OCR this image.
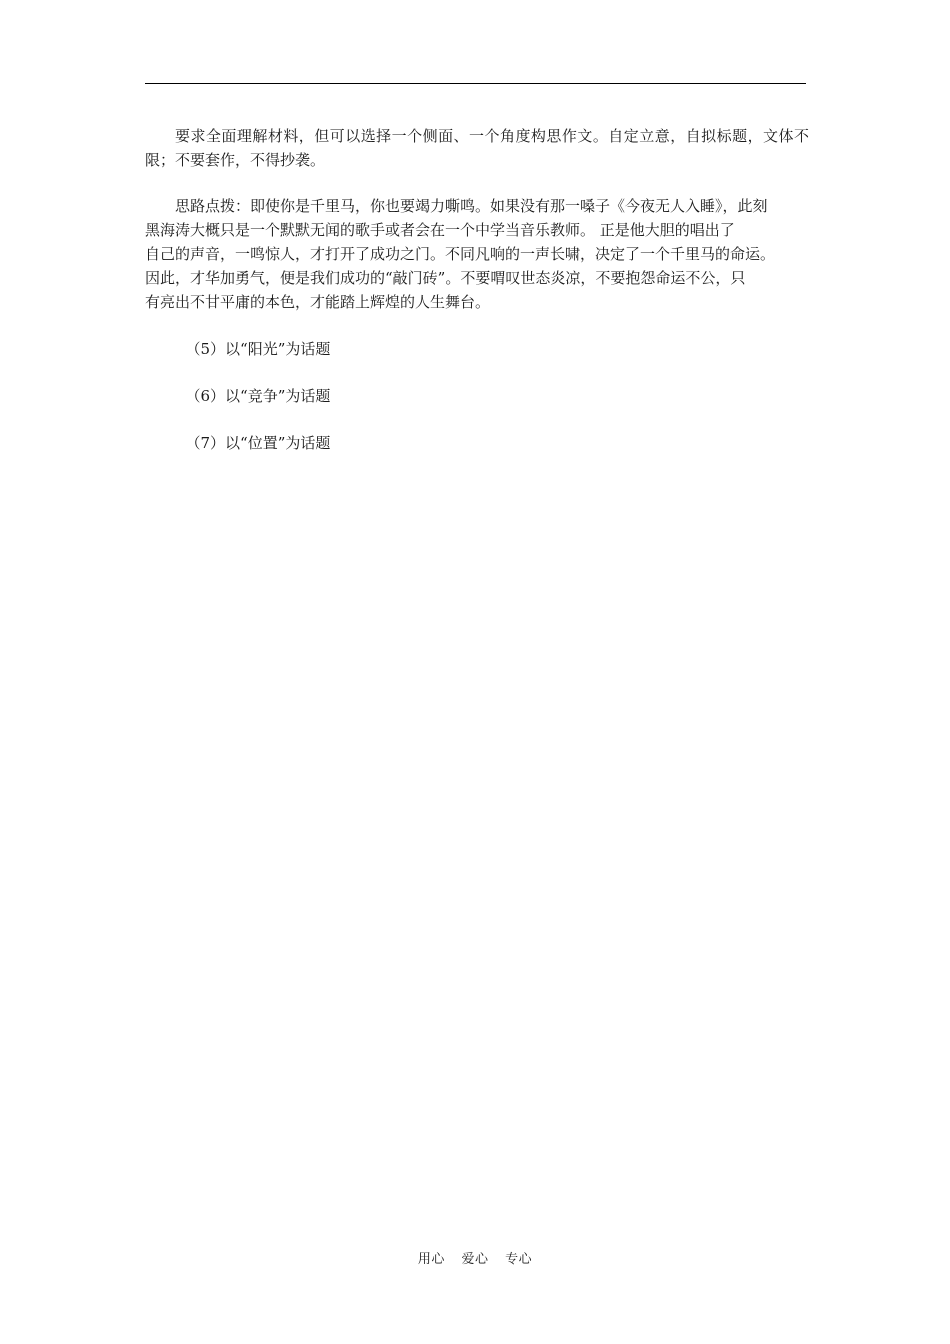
要求全面理解材料，但可以选择一个侧面、一个角度构思作文。自定立意，自拟标题，文体不限；不要套作，不得抄袭。

思路点拨：即使你是千里马，你也要竭力嘶鸣。如果没有那一嗓子《今夜无人入睡》，此刻
黑海涛大概只是一个默默无闻的歌手或者会在一个中学当音乐教师。 正是他大胆的唱出了
自己的声音，一鸣惊人，才打开了成功之门。不同凡响的一声长啸，决定了一个千里马的命运。
因此，才华加勇气，便是我们成功的“敲门砖”。不要喟叹世态炎凉，不要抱怨命运不公，只
有亮出不甘平庸的本色，才能踏上辉煌的人生舞台。

（5）以“阳光”为话题

（6）以“竞争”为话题

（7）以“位置”为话题

用心 爱心 专心
